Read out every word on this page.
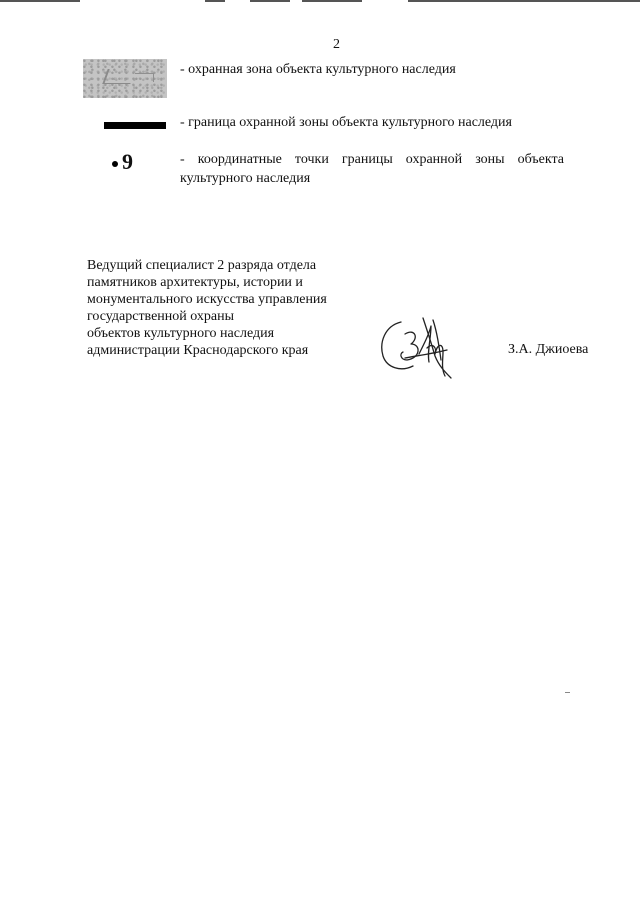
2
- охранная зона объекта культурного наследия
- граница охранной зоны объекта культурного наследия
9	- координатные точки границы охранной зоны объекта культурного наследия
Ведущий специалист 2 разряда отдела
памятников архитектуры, истории и
монументального искусства управления
государственной охраны
объектов культурного наследия
администрации Краснодарского края	З.А. Джиоева
